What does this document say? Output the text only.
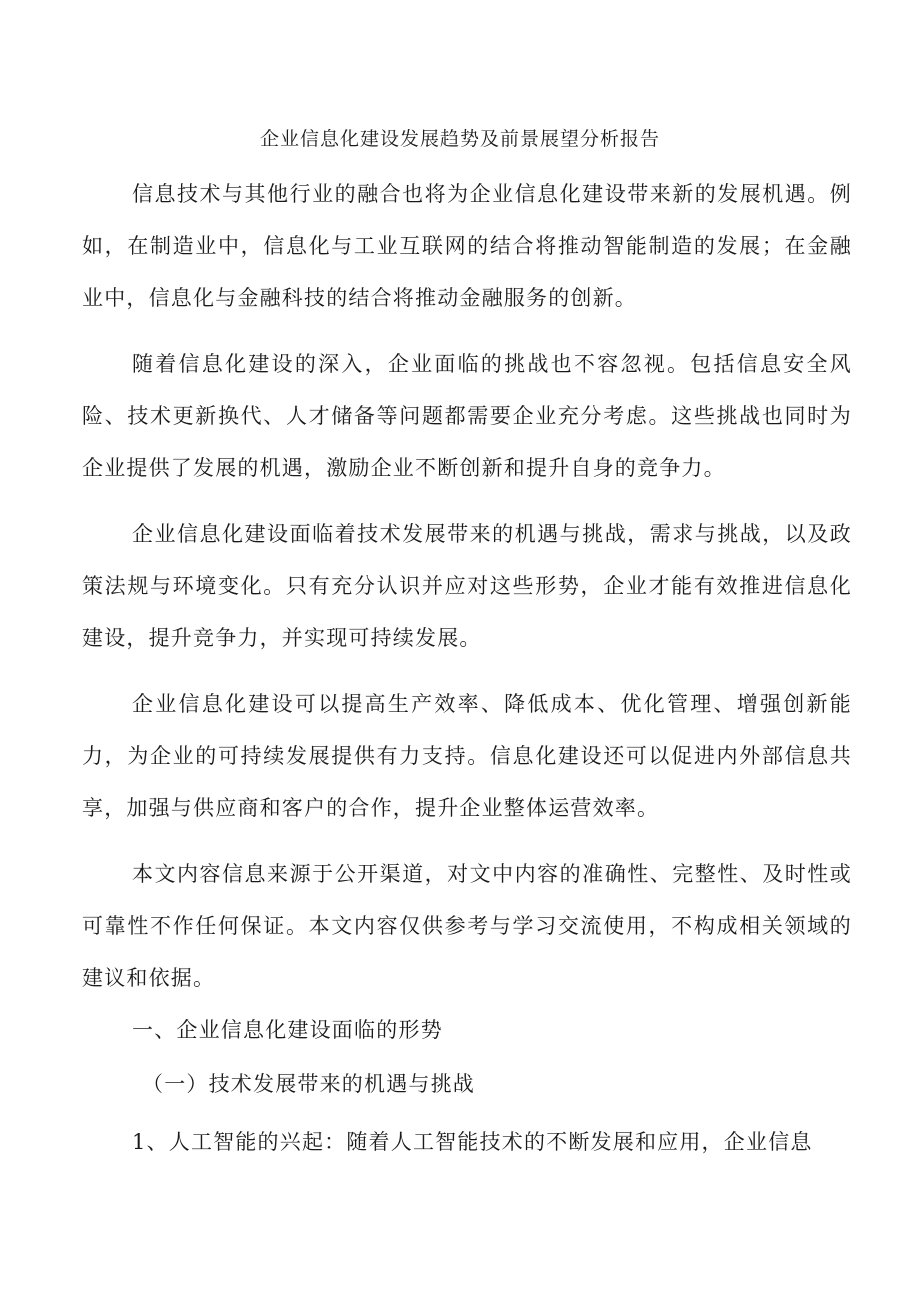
企业信息化建设发展趋势及前景展望分析报告
信息技术与其他行业的融合也将为企业信息化建设带来新的发展机遇。例如，在制造业中，信息化与工业互联网的结合将推动智能制造的发展；在金融业中，信息化与金融科技的结合将推动金融服务的创新。
随着信息化建设的深入，企业面临的挑战也不容忽视。包括信息安全风险、技术更新换代、人才储备等问题都需要企业充分考虑。这些挑战也同时为企业提供了发展的机遇，激励企业不断创新和提升自身的竞争力。
企业信息化建设面临着技术发展带来的机遇与挑战，需求与挑战，以及政策法规与环境变化。只有充分认识并应对这些形势，企业才能有效推进信息化建设，提升竞争力，并实现可持续发展。
企业信息化建设可以提高生产效率、降低成本、优化管理、增强创新能力，为企业的可持续发展提供有力支持。信息化建设还可以促进内外部信息共享，加强与供应商和客户的合作，提升企业整体运营效率。
本文内容信息来源于公开渠道，对文中内容的准确性、完整性、及时性或可靠性不作任何保证。本文内容仅供参考与学习交流使用，不构成相关领域的建议和依据。
一、企业信息化建设面临的形势
（一）技术发展带来的机遇与挑战
1、人工智能的兴起：随着人工智能技术的不断发展和应用，企业信息
